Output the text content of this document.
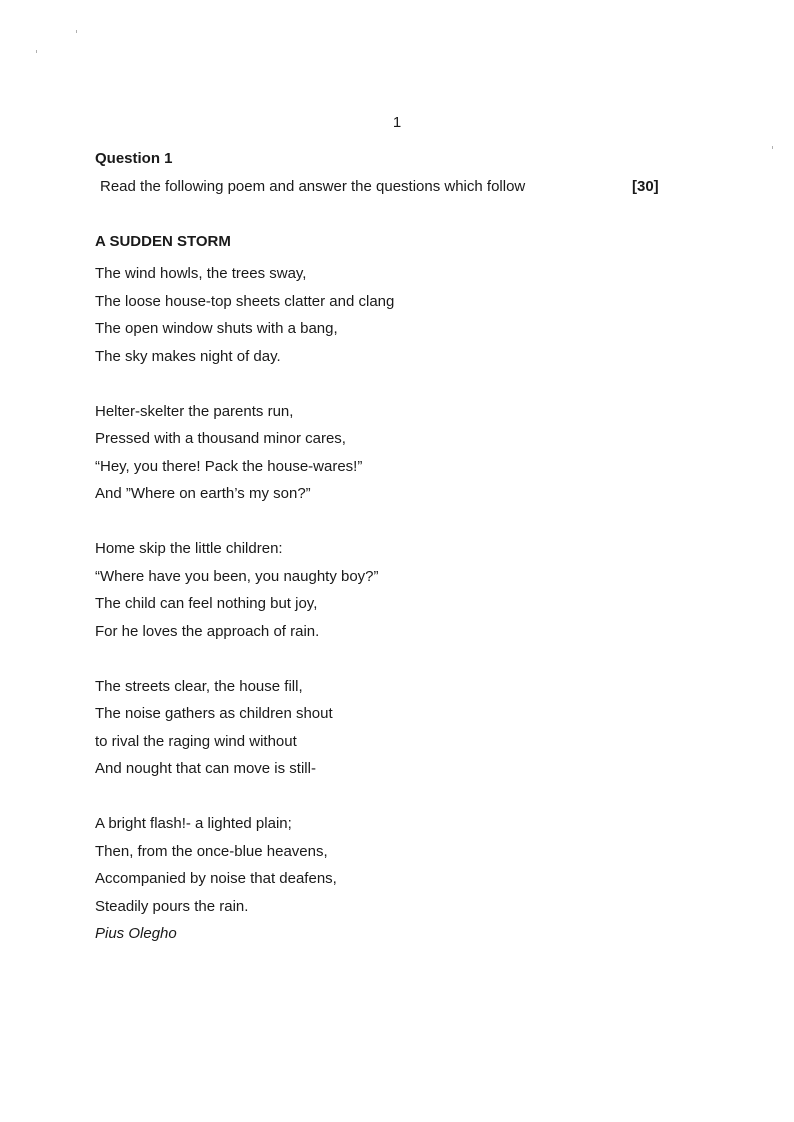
1
Question 1
Read the following poem and answer the questions which follow	[30]
A SUDDEN STORM
The wind howls, the trees sway,
The loose house-top sheets clatter and clang
The open window shuts with a bang,
The sky makes night of day.
Helter-skelter the parents run,
Pressed with a thousand minor cares,
“Hey, you there! Pack the house-wares!”
And ”Where on earth’s my son?”
Home skip the little children:
“Where have you been, you naughty boy?”
The child can feel nothing but joy,
For he loves the approach of rain.
The streets clear, the house fill,
The noise gathers as children shout
to rival the raging wind without
And nought that can move is still-
A bright flash!- a lighted plain;
Then, from the once-blue heavens,
Accompanied by noise that deafens,
Steadily pours the rain.
Pius Olegho
